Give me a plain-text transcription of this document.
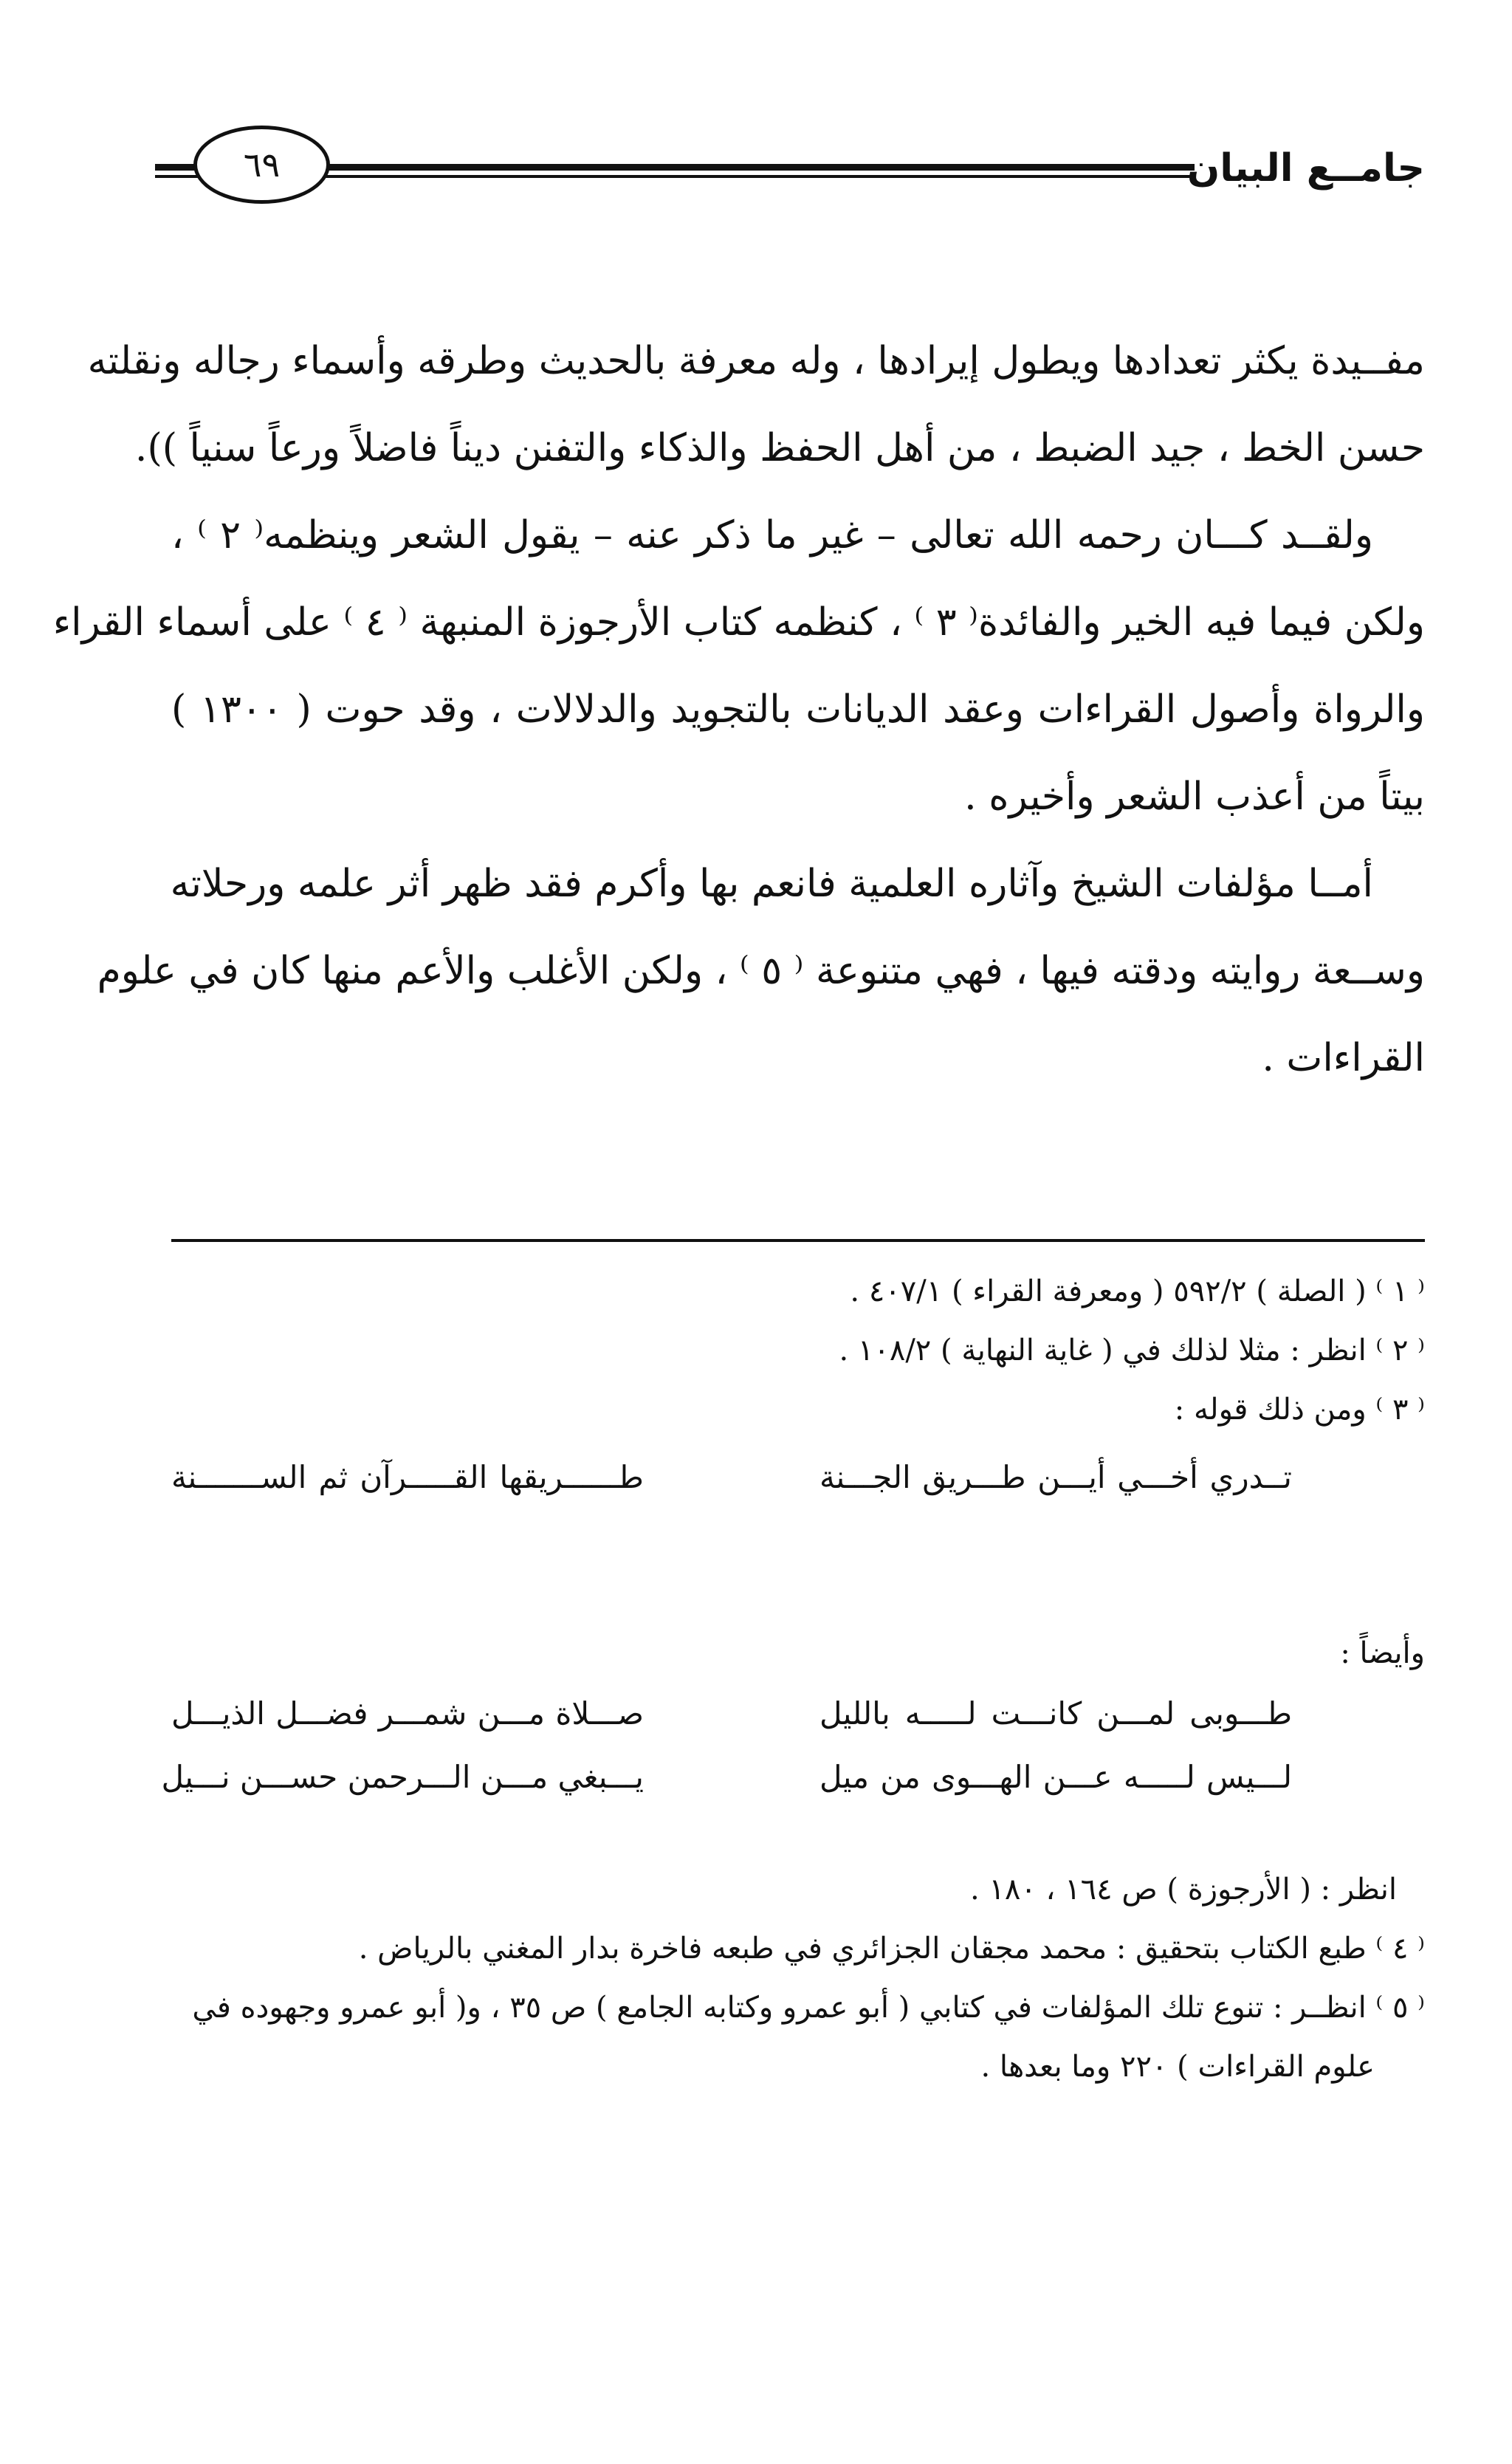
٦٩	جامــع البيان
مفــيدة يكثر تعدادها ويطول إيرادها ، وله معرفة بالحديث وطرقه وأسماء رجاله ونقلته
حسن الخط ، جيد الضبط ، من أهل الحفظ والذكاء والتفنن ديناً فاضلاً ورعاً سنياً )).
ولقــد كـــان رحمه الله تعالى – غير ما ذكر عنه – يقول الشعر وينظمه⁽ ٢ ⁾ ،
ولكن فيما فيه الخير والفائدة⁽ ٣ ⁾ ، كنظمه كتاب الأرجوزة المنبهة ⁽ ٤ ⁾ على أسماء القراء
والرواة وأصول القراءات وعقد الديانات بالتجويد والدلالات ، وقد حوت ( ١٣٠٠ )
بيتاً من أعذب الشعر وأخيره .
أمــا مؤلفات الشيخ وآثاره العلمية فانعم بها وأكرم فقد ظهر أثر علمه ورحلاته
وســعة روايته ودقته فيها ، فهي متنوعة ⁽ ٥ ⁾ ، ولكن الأغلب والأعم منها كان في علوم
القراءات .
⁽ ١ ⁾ ( الصلة ) ٥٩٢/٢ ( ومعرفة القراء ) ٤٠٧/١ .
⁽ ٢ ⁾ انظر : مثلا لذلك في ( غاية النهاية ) ١٠٨/٢ .
⁽ ٣ ⁾ ومن ذلك قوله :
تــدري أخـــي أيـــن طـــريق الجـــنة
طــــــريقها القـــــرآن ثم الســـــــنة
وأيضاً :
طـــوبى لمـــن كانـــت لـــــه بالليل
صـــلاة مـــن شمـــر فضـــل الذيـــل
لـــيس لـــــه عـــن الهـــوى من ميل
يـــبغي مـــن الـــرحمن حســـن نـــيل
انظر : ( الأرجوزة ) ص ١٦٤ ، ١٨٠ .
⁽ ٤ ⁾ طبع الكتاب بتحقيق : محمد مجقان الجزائري في طبعه فاخرة بدار المغني بالرياض .
⁽ ٥ ⁾ انظــر : تنوع تلك المؤلفات في كتابي ( أبو عمرو وكتابه الجامع ) ص ٣٥ ، و( أبو عمرو وجهوده في
علوم القراءات ) ٢٢٠ وما بعدها .
